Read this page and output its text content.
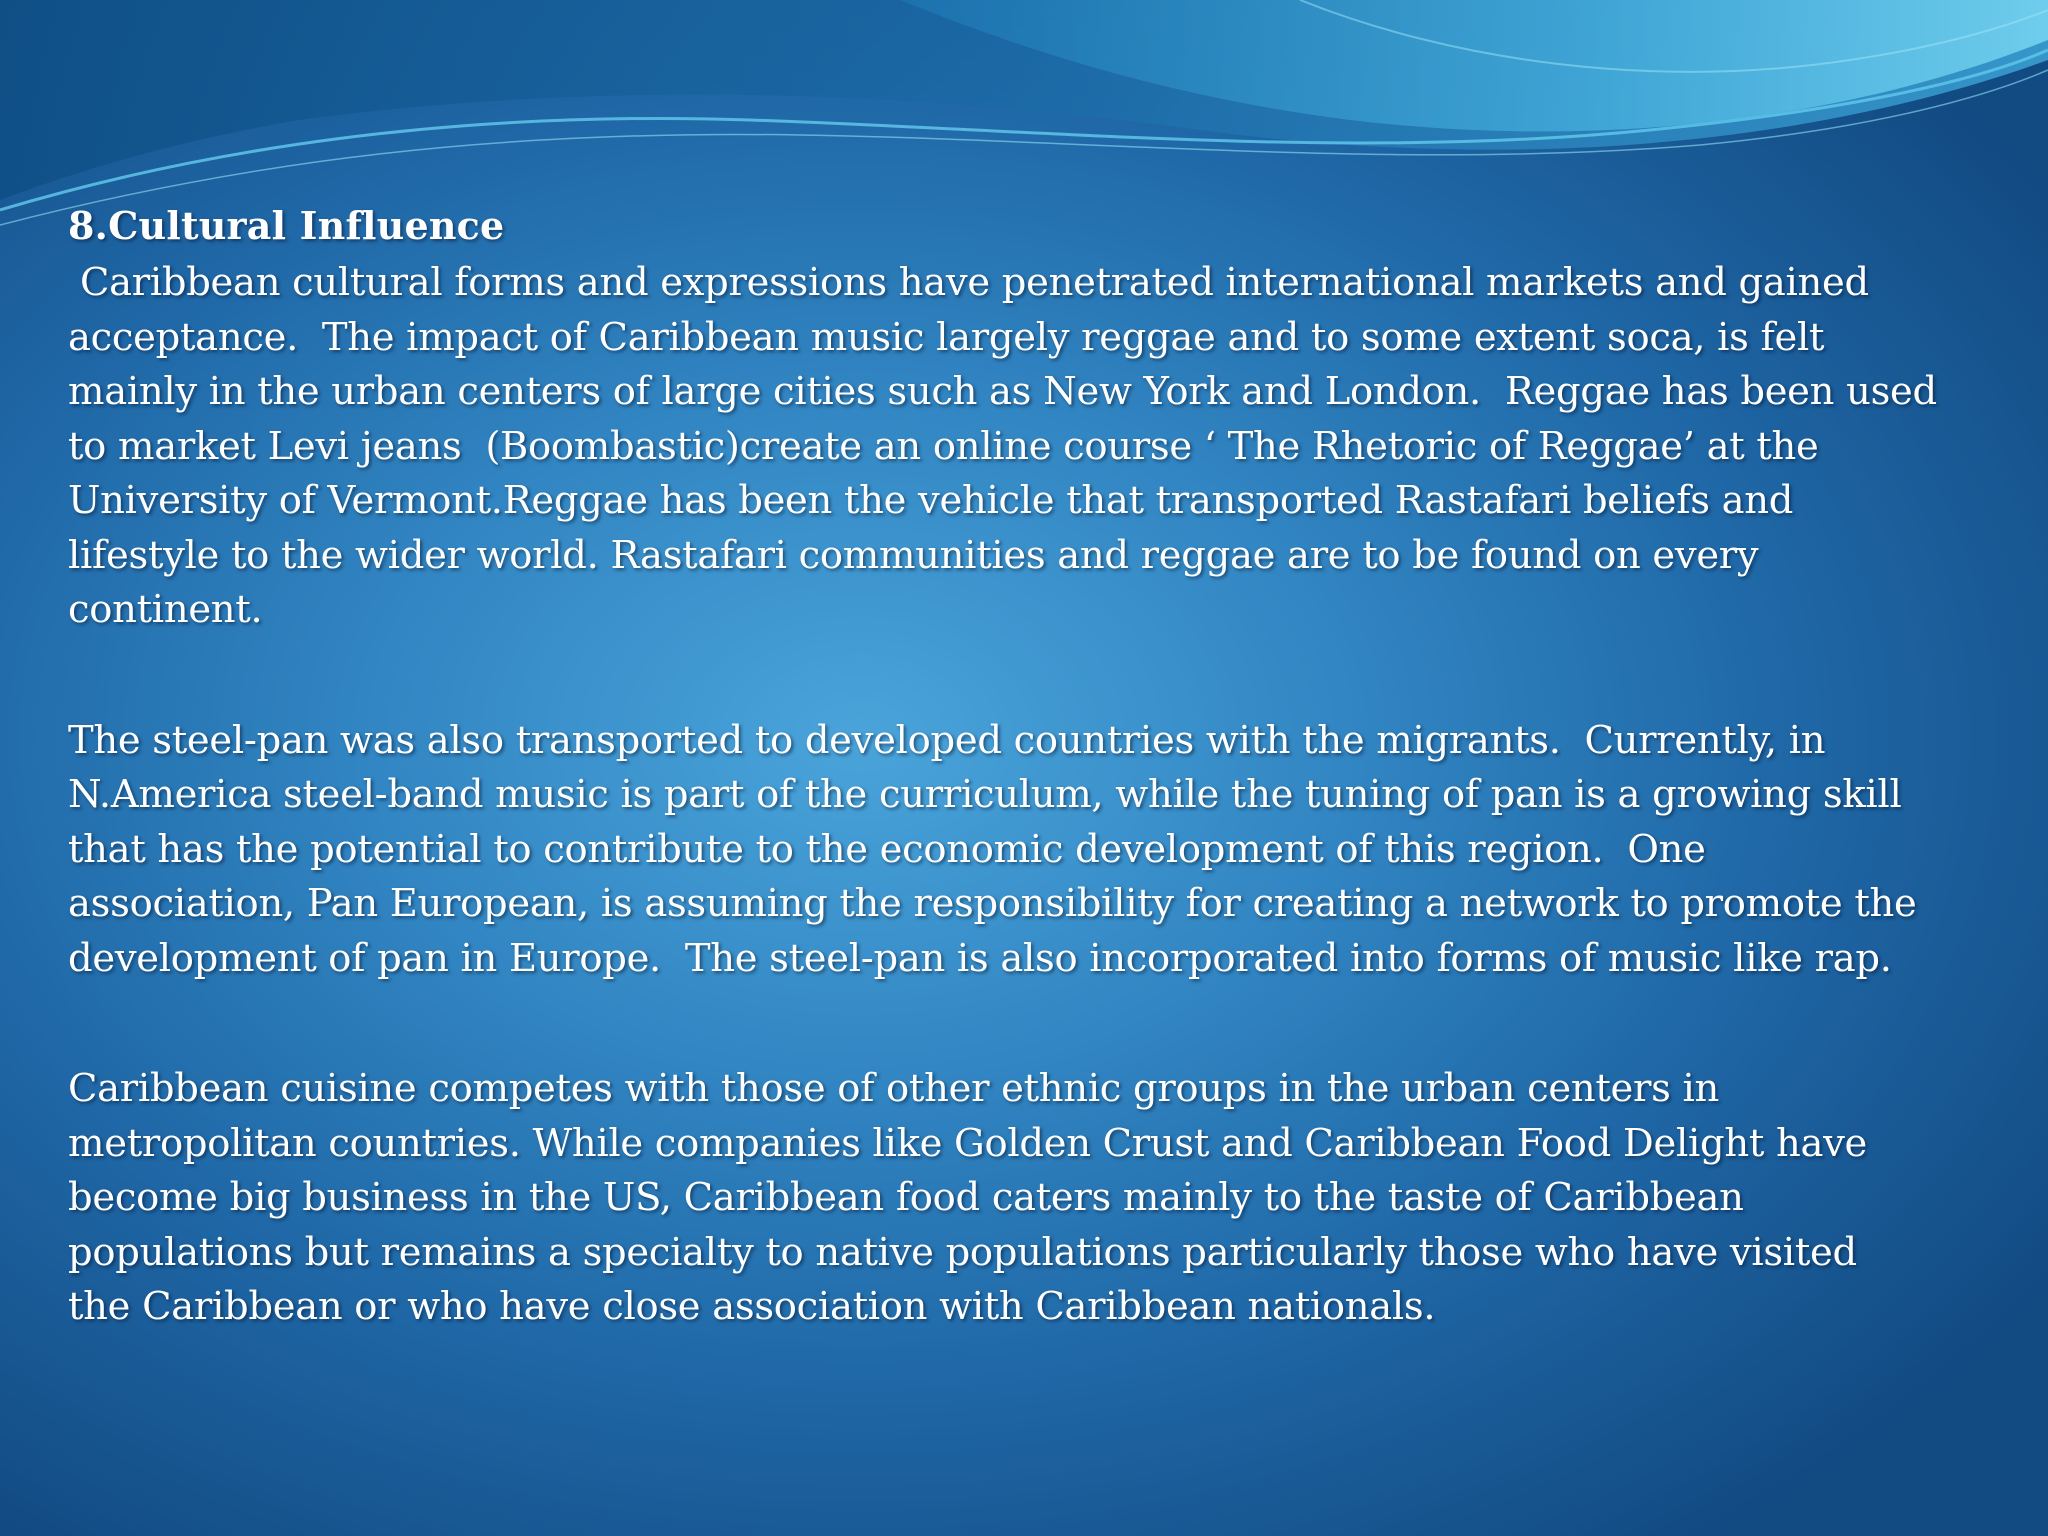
8.Cultural Influence
Caribbean cultural forms and expressions have penetrated international markets and gained
acceptance.  The impact of Caribbean music largely reggae and to some extent soca, is felt
mainly in the urban centers of large cities such as New York and London.  Reggae has been used
to market Levi jeans  (Boombastic)create an online course ‘ The Rhetoric of Reggae’ at the
University of Vermont.Reggae has been the vehicle that transported Rastafari beliefs and
lifestyle to the wider world. Rastafari communities and reggae are to be found on every
continent.
The steel-pan was also transported to developed countries with the migrants.  Currently, in
N.America steel-band music is part of the curriculum, while the tuning of pan is a growing skill
that has the potential to contribute to the economic development of this region.  One
association, Pan European, is assuming the responsibility for creating a network to promote the
development of pan in Europe.  The steel-pan is also incorporated into forms of music like rap.
Caribbean cuisine competes with those of other ethnic groups in the urban centers in
metropolitan countries. While companies like Golden Crust and Caribbean Food Delight have
become big business in the US, Caribbean food caters mainly to the taste of Caribbean
populations but remains a specialty to native populations particularly those who have visited
the Caribbean or who have close association with Caribbean nationals.
